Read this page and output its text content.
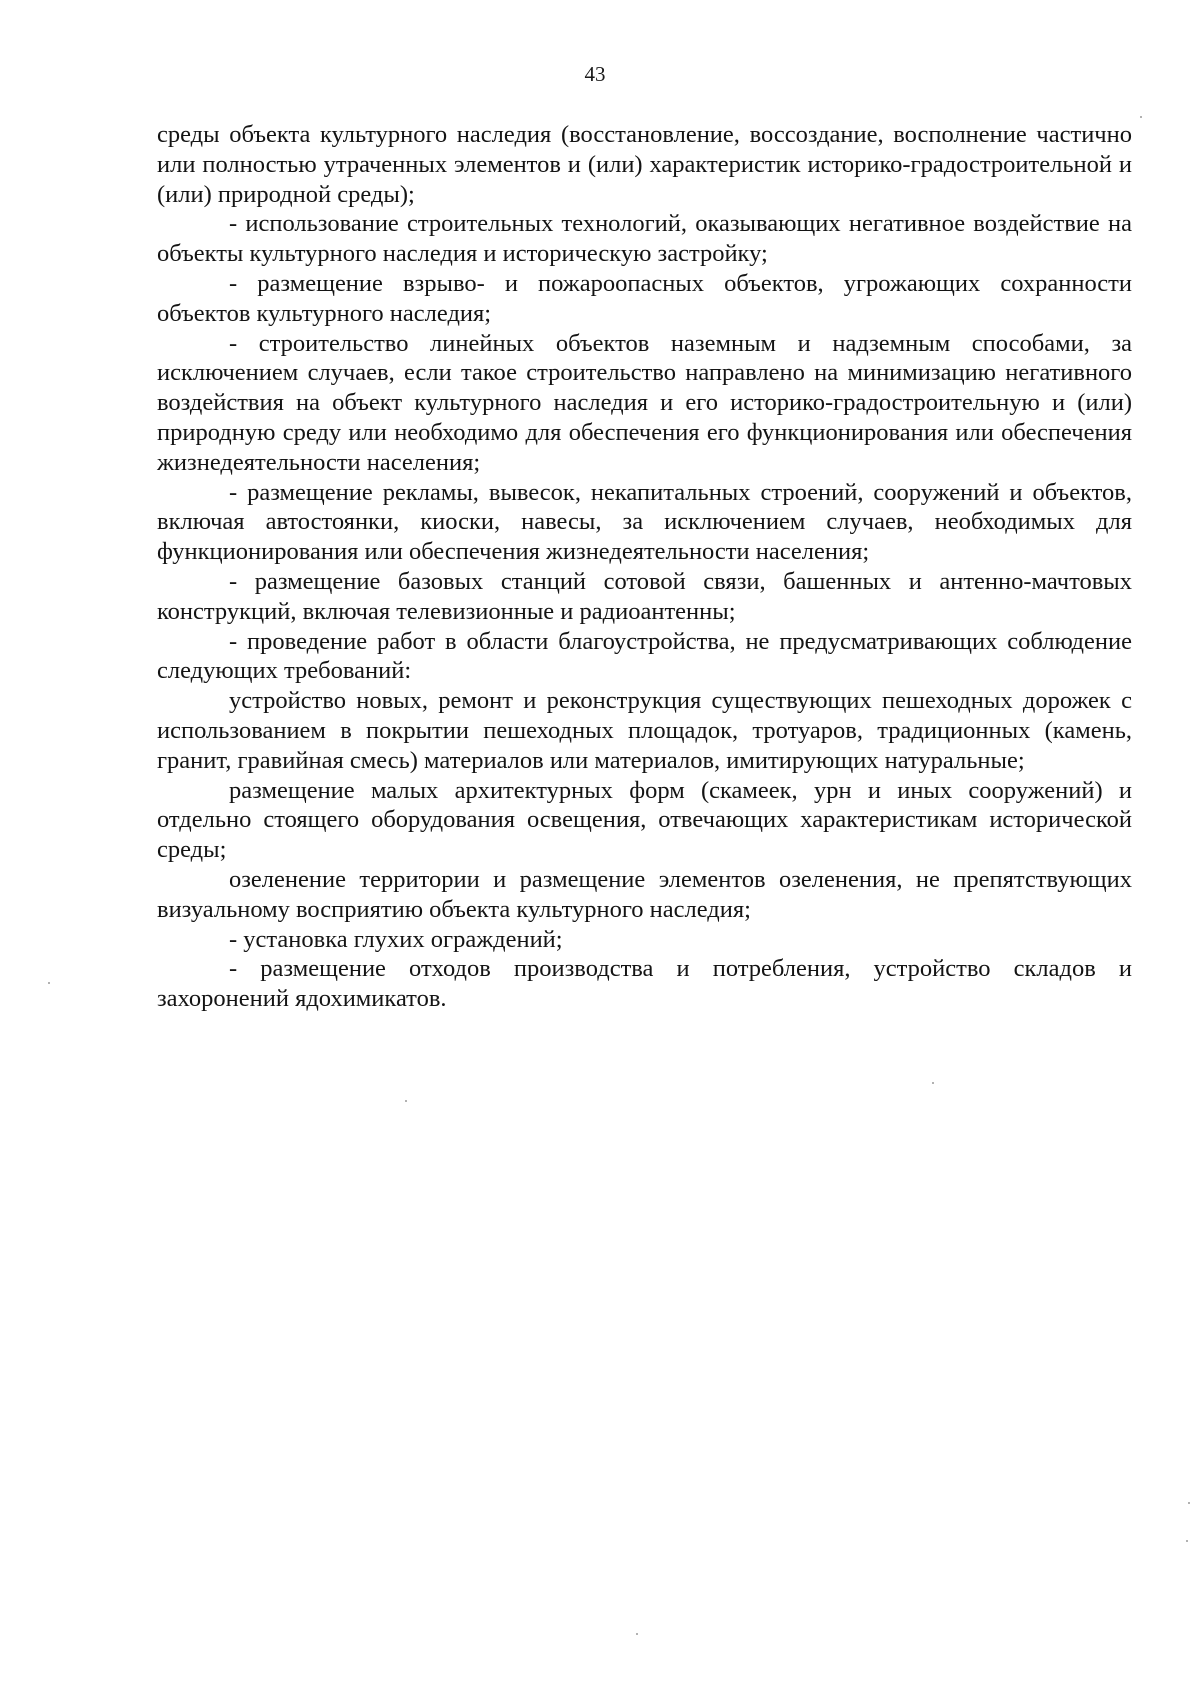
43

среды объекта культурного наследия (восстановление, воссоздание, восполнение частично или полностью утраченных элементов и (или) характеристик историко-градостроительной и (или) природной среды);

- использование строительных технологий, оказывающих негативное воздействие на объекты культурного наследия и историческую застройку;

- размещение взрыво- и пожароопасных объектов, угрожающих сохранности объектов культурного наследия;

- строительство линейных объектов наземным и надземным способами, за исключением случаев, если такое строительство направлено на минимизацию негативного воздействия на объект культурного наследия и его историко-градостроительную и (или) природную среду или необходимо для обеспечения его функционирования или обеспечения жизнедеятельности населения;

- размещение рекламы, вывесок, некапитальных строений, сооружений и объектов, включая автостоянки, киоски, навесы, за исключением случаев, необходимых для функционирования или обеспечения жизнедеятельности населения;

- размещение базовых станций сотовой связи, башенных и антенно-мачтовых конструкций, включая телевизионные и радиоантенны;

- проведение работ в области благоустройства, не предусматривающих соблюдение следующих требований:

устройство новых, ремонт и реконструкция существующих пешеходных дорожек с использованием в покрытии пешеходных площадок, тротуаров, традиционных (камень, гранит, гравийная смесь) материалов или материалов, имитирующих натуральные;

размещение малых архитектурных форм (скамеек, урн и иных сооружений) и отдельно стоящего оборудования освещения, отвечающих характеристикам исторической среды;

озеленение территории и размещение элементов озеленения, не препятствующих визуальному восприятию объекта культурного наследия;

- установка глухих ограждений;

- размещение отходов производства и потребления, устройство складов и захоронений ядохимикатов.
